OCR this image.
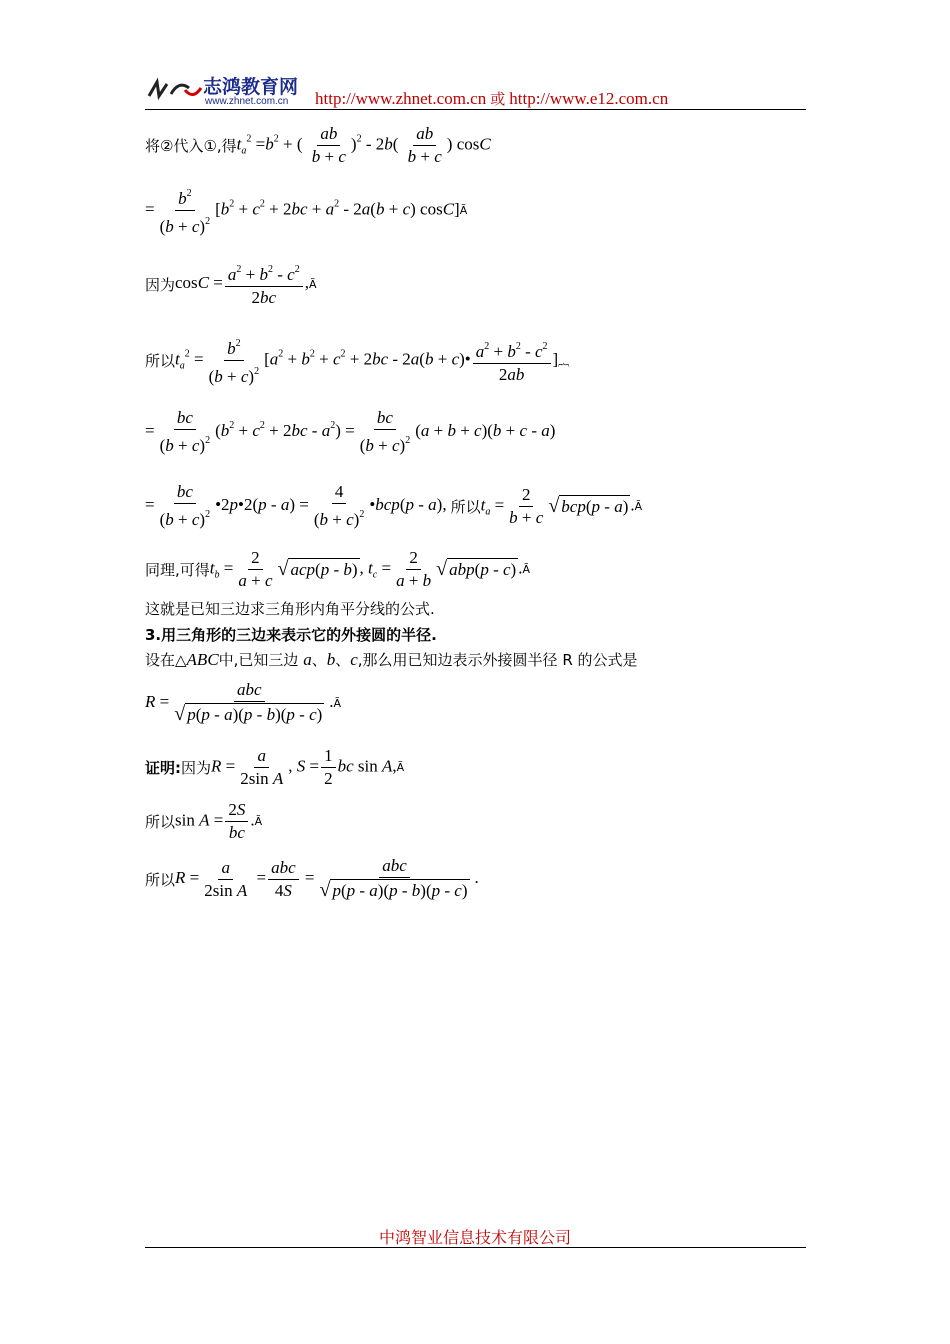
志鸿教育网
www.zhnet.com.cn http://www.zhnet.com.cn 或 http://www.e12.com.cn
将②代入①,得 $t_a^2 =b^2$ + ( $\frac{ab}{b + c} )^2 - 2b( \frac{ab}{b + c}$ ) cosC
= $\frac{b^2}{(b + c)^2} [b^2 + c^2 + 2bc + a^2 - 2a(b + c)$ cosC] Ã
因为 $\cos C = \frac{a^2 + b^2 - c^2}{2bc}$ , Ã
所以 $t_a^2 = \frac{b^2}{(b + c)^2} [a^2 + b^2 + c^2 + 2bc - 2a(b$ + c)• $\frac{a^2 + b^2 - c^2}{2ab}$ ] ︷
= $\frac{bc}{(b + c)^2} (b^2 + c^2 + 2bc - a^2) = \frac{bc}{(b + c)^2} (a + b + c)(b + c - a)$
= $\frac{bc}{(b + c)^2}$ •2p•2(p - $a) = \frac{4}{(b + c)^2}$ •bcp(p - a), 所以 $t_a = \frac{2}{b + c}$ √ bcp(p - a) . Ã
同理,可得 $t_b = \frac{2}{a + c}$ √ acp(p - b) , $t_c = \frac{2}{a + b}$ √ abp(p - c) . Ã
这就是已知三边求三角形内角平分线的公式.
3.用三角形的三边来表示它的外接圆的半径.
设在△ABC中,已知三边 a、b、c,那么用已知边表示外接圆半径 R 的公式是
$R = \frac{\text{abc}}{√ p(p - a)(p - b)(p - c)}$ . Ã
证明: 因为 $R = \frac{a}{\text{2sin A}}$ , $S = \frac{1}{2}$ bc sin A, Ã
所以 $\sin A = \frac{2S}{bc}$ . Ã
所以 $R = \frac{a}{\text{2sin A}} = \frac{\text{abc}}{4S} = \frac{\text{abc}}{√ p(p - a)(p - b)(p - c)}$ .
中鸿智业信息技术有限公司
